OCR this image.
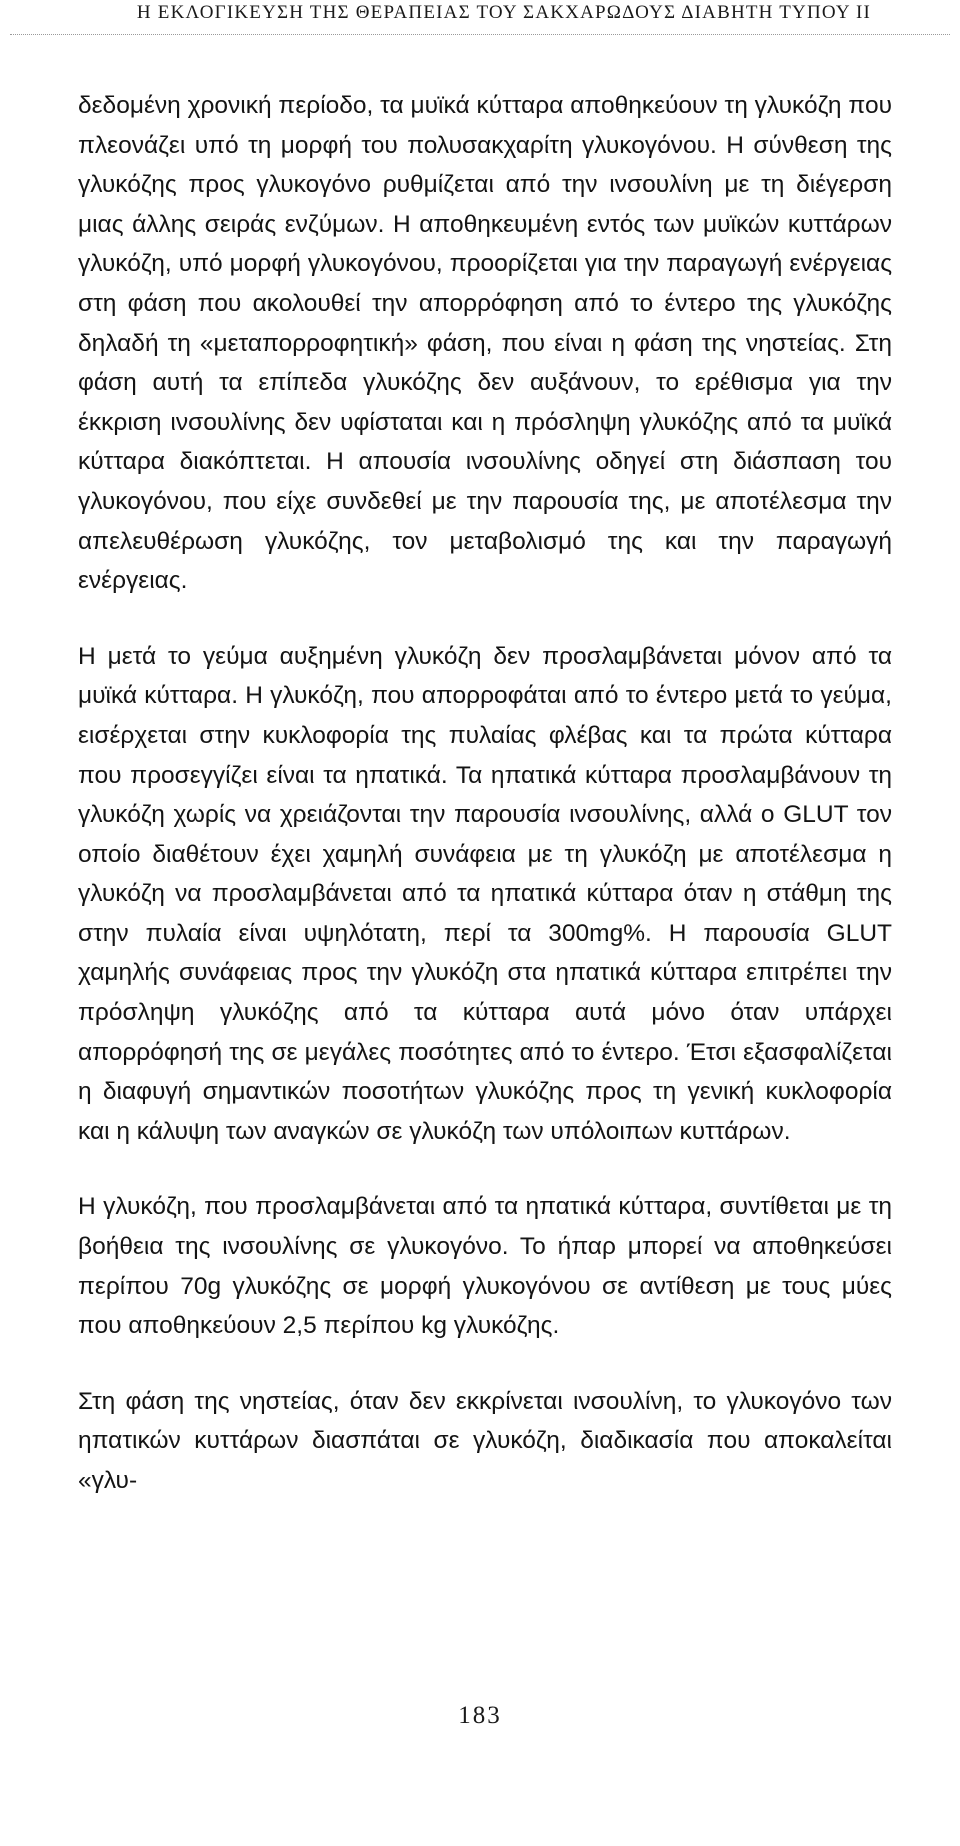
Η ΕΚΛΟΓΙΚΕΥΣΗ ΤΗΣ ΘΕΡΑΠΕΙΑΣ ΤΟΥ ΣΑΚΧΑΡΩΔΟΥΣ ΔΙΑΒΗΤΗ ΤΥΠΟΥ ΙΙ

δεδομένη χρονική περίοδο, τα μυϊκά κύτταρα αποθηκεύουν τη γλυκόζη που πλεονάζει υπό τη μορφή του πολυσακχαρίτη γλυκογόνου. Η σύνθεση της γλυκόζης προς γλυκογόνο ρυθμίζεται από την ινσουλίνη με τη διέγερση μιας άλλης σειράς ενζύμων. Η αποθηκευμένη εντός των μυϊκών κυττάρων γλυκόζη, υπό μορφή γλυκογόνου, προορίζεται για την παραγωγή ενέργειας στη φάση που ακολουθεί την απορρόφηση από το έντερο της γλυκόζης δηλαδή τη «μεταπορροφητική» φάση, που είναι η φάση της νηστείας. Στη φάση αυτή τα επίπεδα γλυκόζης δεν αυξάνουν, το ερέθισμα για την έκκριση ινσουλίνης δεν υφίσταται και η πρόσληψη γλυκόζης από τα μυϊκά κύτταρα διακόπτεται. Η απουσία ινσουλίνης οδηγεί στη διάσπαση του γλυκογόνου, που είχε συνδεθεί με την παρουσία της, με αποτέλεσμα την απελευθέρωση γλυκόζης, τον μεταβολισμό της και την παραγωγή ενέργειας.

Η μετά το γεύμα αυξημένη γλυκόζη δεν προσλαμβάνεται μόνον από τα μυϊκά κύτταρα. Η γλυκόζη, που απορροφάται από το έντερο μετά το γεύμα, εισέρχεται στην κυκλοφορία της πυλαίας φλέβας και τα πρώτα κύτταρα που προσεγγίζει είναι τα ηπατικά. Τα ηπατικά κύτταρα προσλαμβάνουν τη γλυκόζη χωρίς να χρειάζονται την παρουσία ινσουλίνης, αλλά ο GLUT τον οποίο διαθέτουν έχει χαμηλή συνάφεια με τη γλυκόζη με αποτέλεσμα η γλυκόζη να προσλαμβάνεται από τα ηπατικά κύτταρα όταν η στάθμη της στην πυλαία είναι υψηλότατη, περί τα 300mg%. Η παρουσία GLUT χαμηλής συνάφειας προς την γλυκόζη στα ηπατικά κύτταρα επιτρέπει την πρόσληψη γλυκόζης από τα κύτταρα αυτά μόνο όταν υπάρχει απορρόφησή της σε μεγάλες ποσότητες από το έντερο. Έτσι εξασφαλίζεται η διαφυγή σημαντικών ποσοτήτων γλυκόζης προς τη γενική κυκλοφορία και η κάλυψη των αναγκών σε γλυκόζη των υπόλοιπων κυττάρων.

Η γλυκόζη, που προσλαμβάνεται από τα ηπατικά κύτταρα, συντίθεται με τη βοήθεια της ινσουλίνης σε γλυκογόνο. Το ήπαρ μπορεί να αποθηκεύσει περίπου 70g γλυκόζης σε μορφή γλυκογόνου σε αντίθεση με τους μύες που αποθηκεύουν 2,5 περίπου kg γλυκόζης.

Στη φάση της νηστείας, όταν δεν εκκρίνεται ινσουλίνη, το γλυκογόνο των ηπατικών κυττάρων διασπάται σε γλυκόζη, διαδικασία που αποκαλείται «γλυ-

183
